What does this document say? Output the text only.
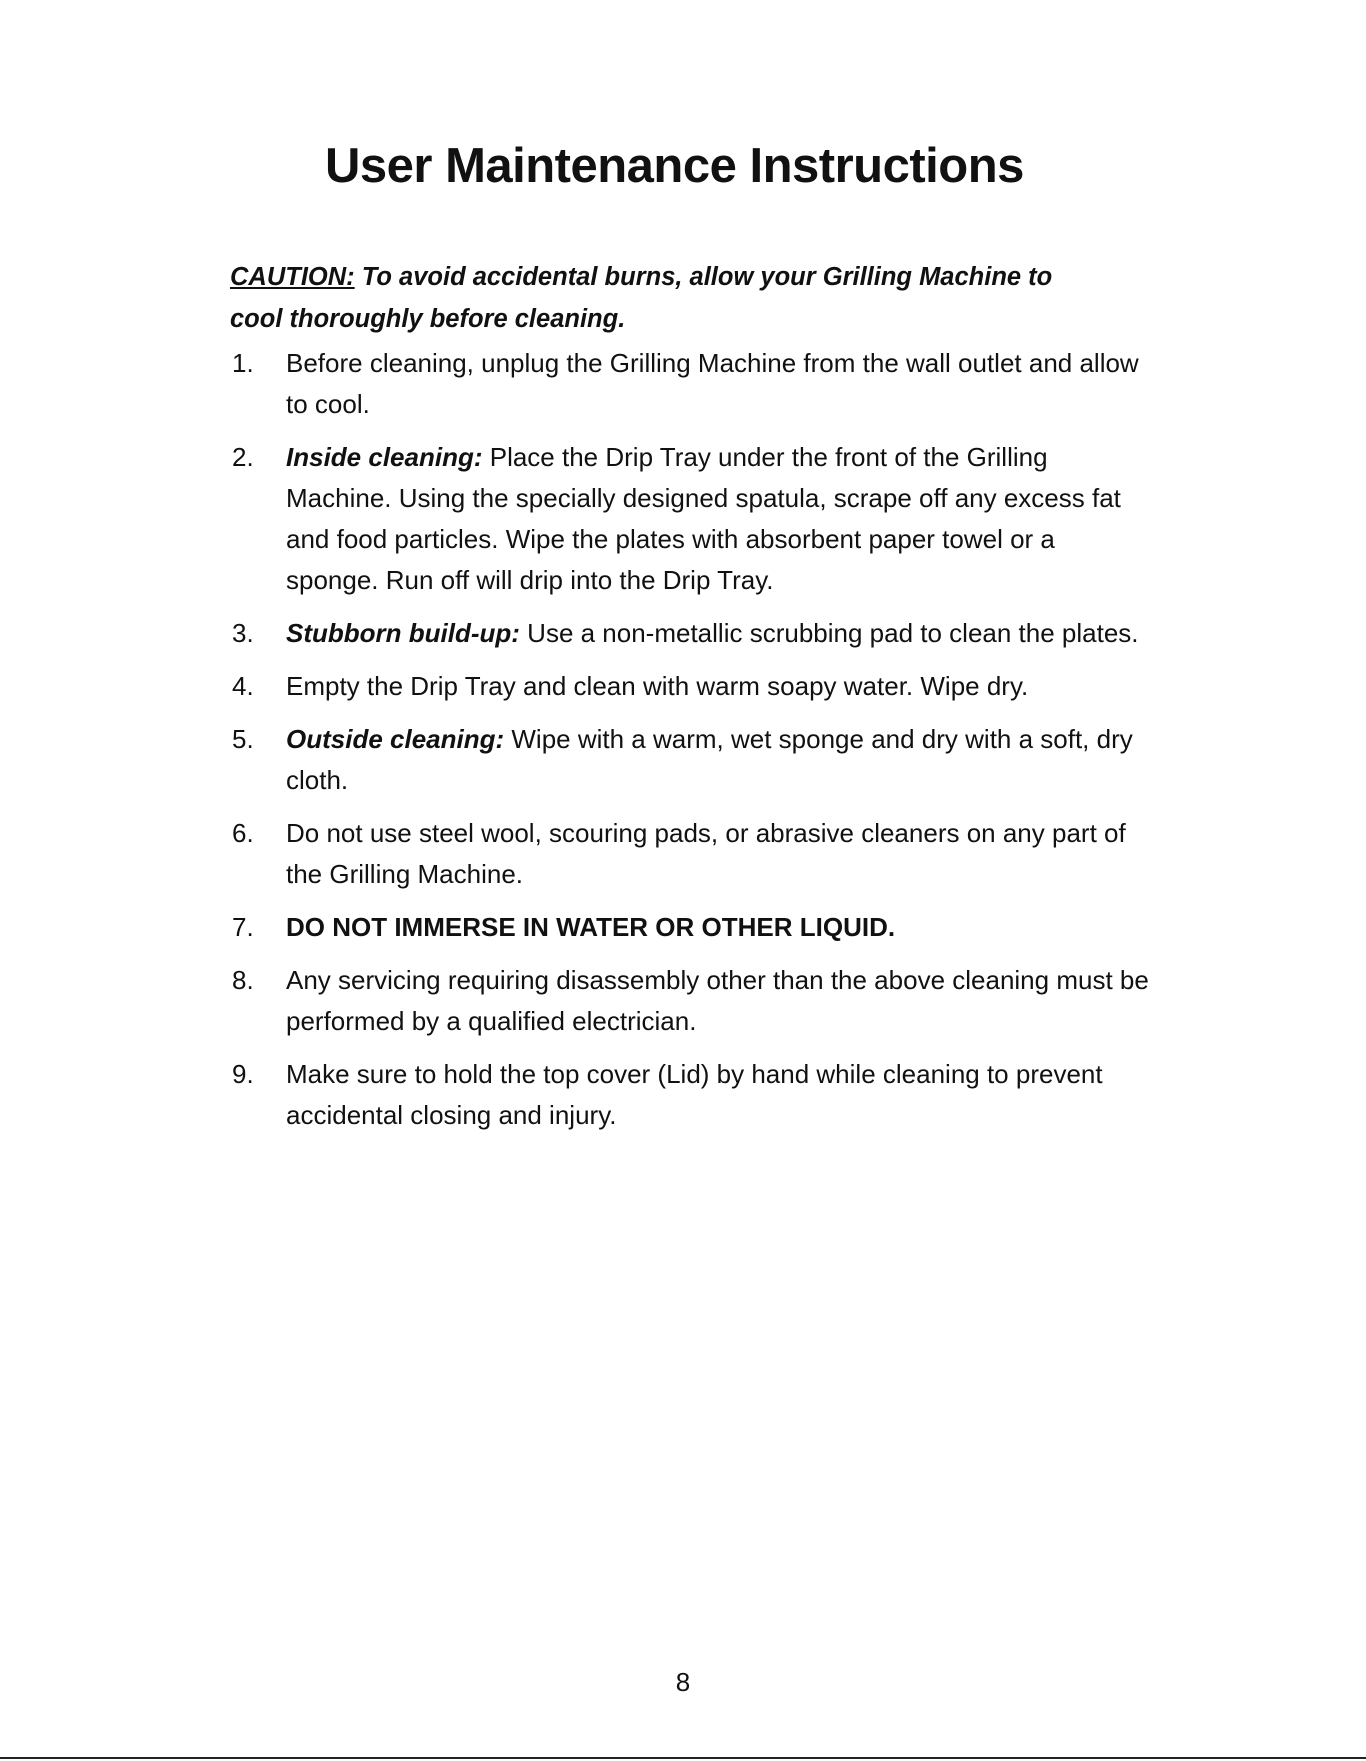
User Maintenance Instructions

CAUTION: To avoid accidental burns, allow your Grilling Machine to cool thoroughly before cleaning.

1. Before cleaning, unplug the Grilling Machine from the wall outlet and allow to cool.
2. Inside cleaning: Place the Drip Tray under the front of the Grilling Machine. Using the specially designed spatula, scrape off any excess fat and food particles. Wipe the plates with absorbent paper towel or a sponge. Run off will drip into the Drip Tray.
3. Stubborn build-up: Use a non-metallic scrubbing pad to clean the plates.
4. Empty the Drip Tray and clean with warm soapy water. Wipe dry.
5. Outside cleaning: Wipe with a warm, wet sponge and dry with a soft, dry cloth.
6. Do not use steel wool, scouring pads, or abrasive cleaners on any part of the Grilling Machine.
7. DO NOT IMMERSE IN WATER OR OTHER LIQUID.
8. Any servicing requiring disassembly other than the above cleaning must be performed by a qualified electrician.
9. Make sure to hold the top cover (Lid) by hand while cleaning to prevent accidental closing and injury.
8
